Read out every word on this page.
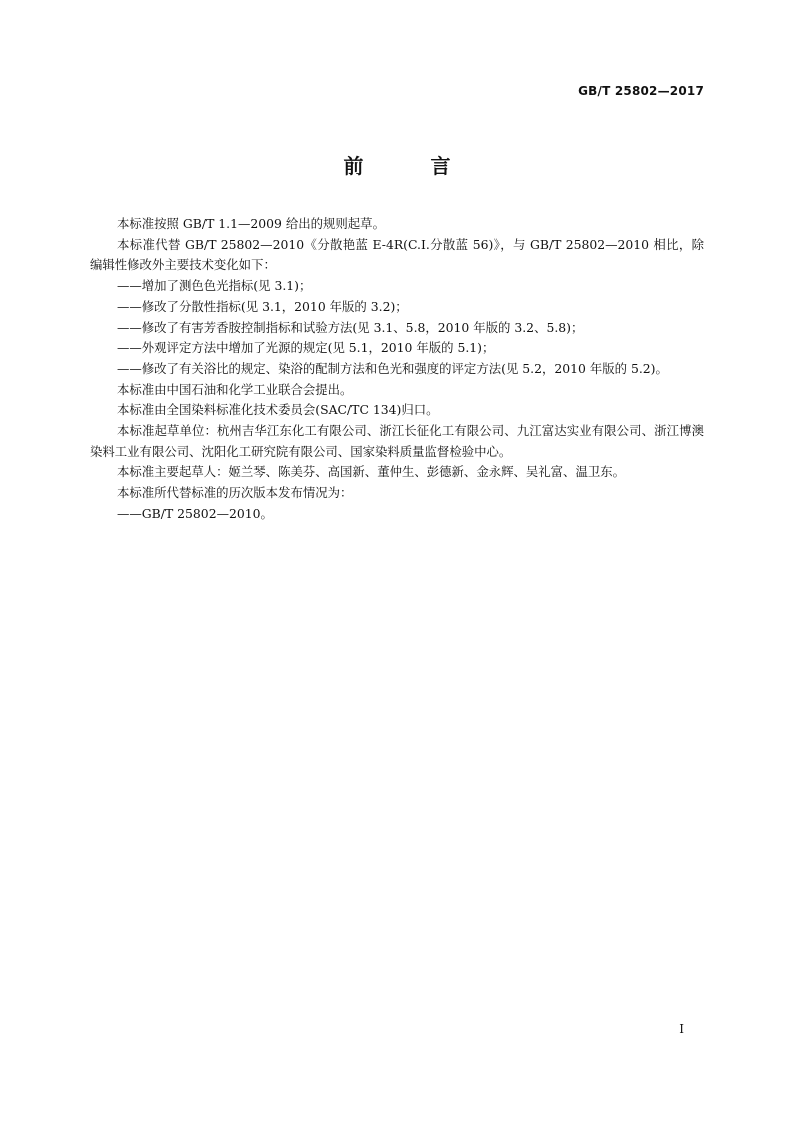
GB/T 25802—2017
前 言

本标准按照 GB/T 1.1—2009 给出的规则起草。

本标准代替 GB/T 25802—2010《分散艳蓝 E-4R(C.I.分散蓝 56)》，与 GB/T 25802—2010 相比，除编辑性修改外主要技术变化如下：

——增加了测色色光指标(见 3.1)；

——修改了分散性指标(见 3.1，2010 年版的 3.2)；

——修改了有害芳香胺控制指标和试验方法(见 3.1、5.8，2010 年版的 3.2、5.8)；

——外观评定方法中增加了光源的规定(见 5.1，2010 年版的 5.1)；

——修改了有关浴比的规定、染浴的配制方法和色光和强度的评定方法(见 5.2，2010 年版的 5.2)。

本标准由中国石油和化学工业联合会提出。

本标准由全国染料标准化技术委员会(SAC/TC 134)归口。

本标准起草单位：杭州吉华江东化工有限公司、浙江长征化工有限公司、九江富达实业有限公司、浙江博澳染料工业有限公司、沈阳化工研究院有限公司、国家染料质量监督检验中心。

本标准主要起草人：姬兰琴、陈美芬、高国新、董仲生、彭德新、金永辉、吴礼富、温卫东。

本标准所代替标准的历次版本发布情况为：

——GB/T 25802—2010。

I
